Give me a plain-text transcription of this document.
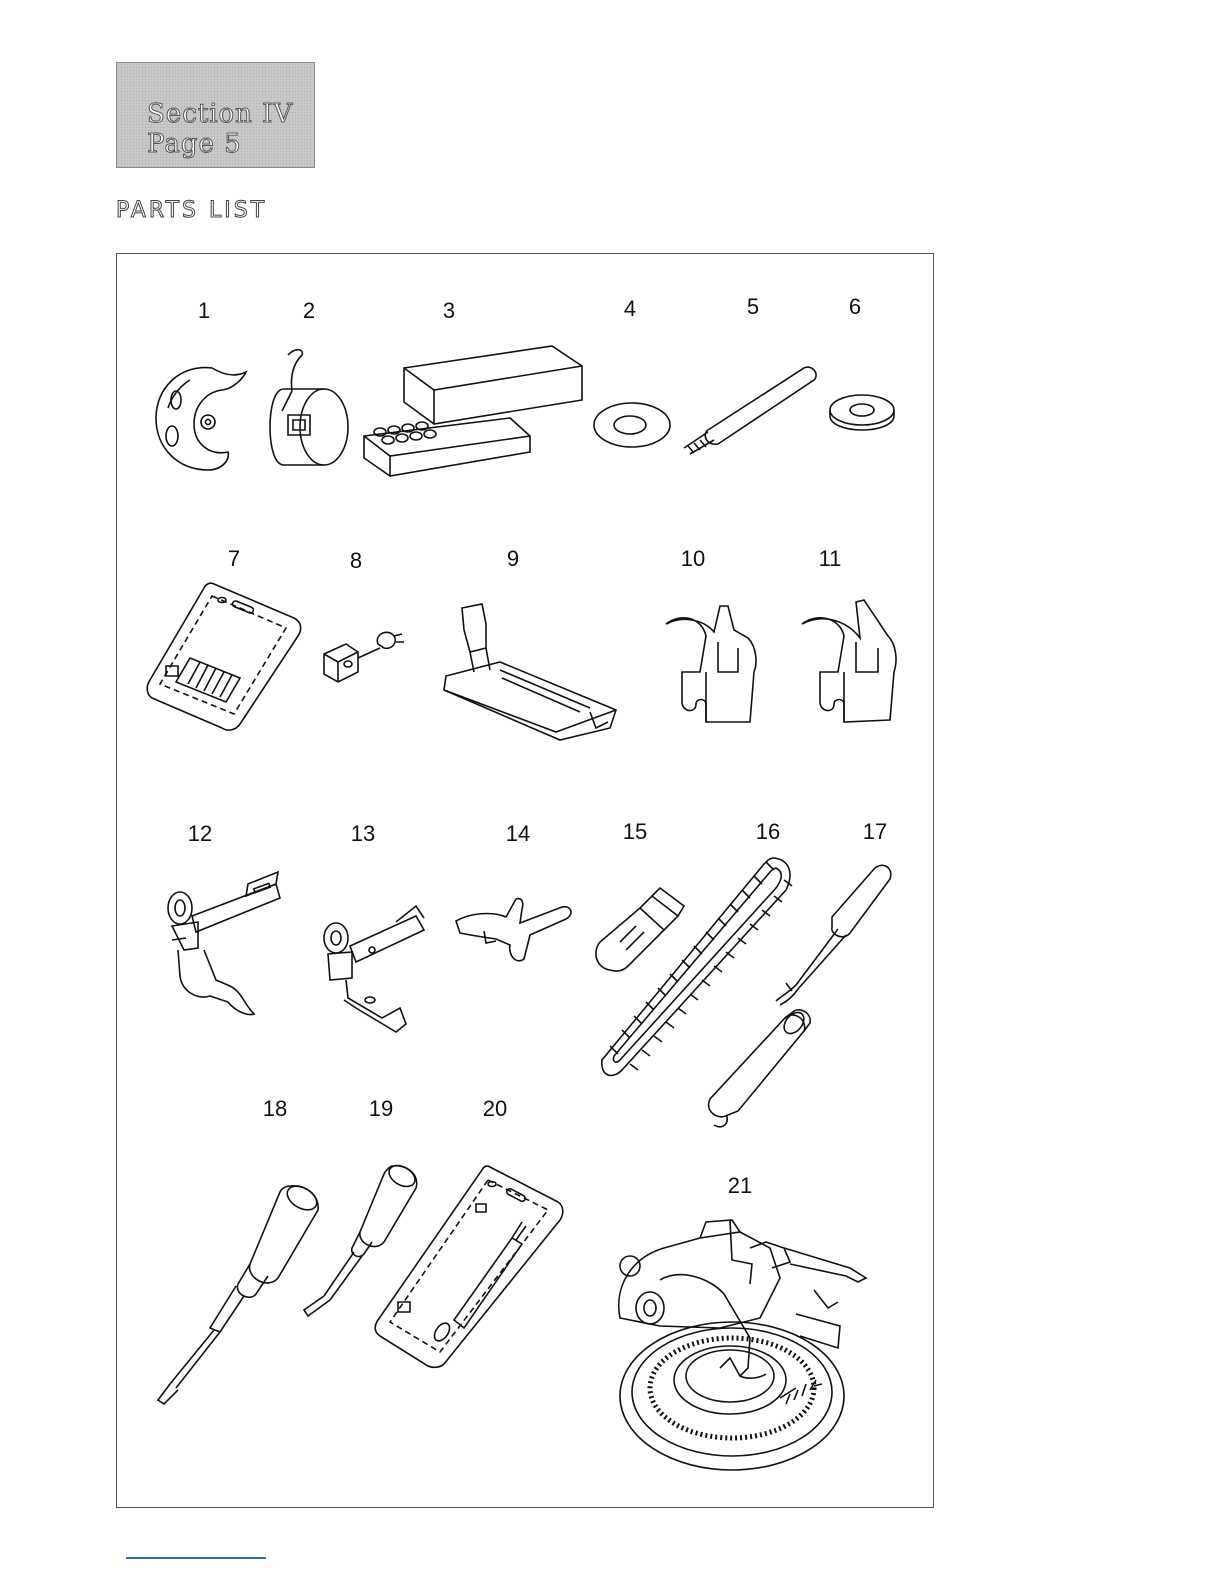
Section IV
Page 5
PARTS LIST
1	2	3	4	5	6
7	8	9	10	11
12	13	14	15	16	17
18	19	20
21
